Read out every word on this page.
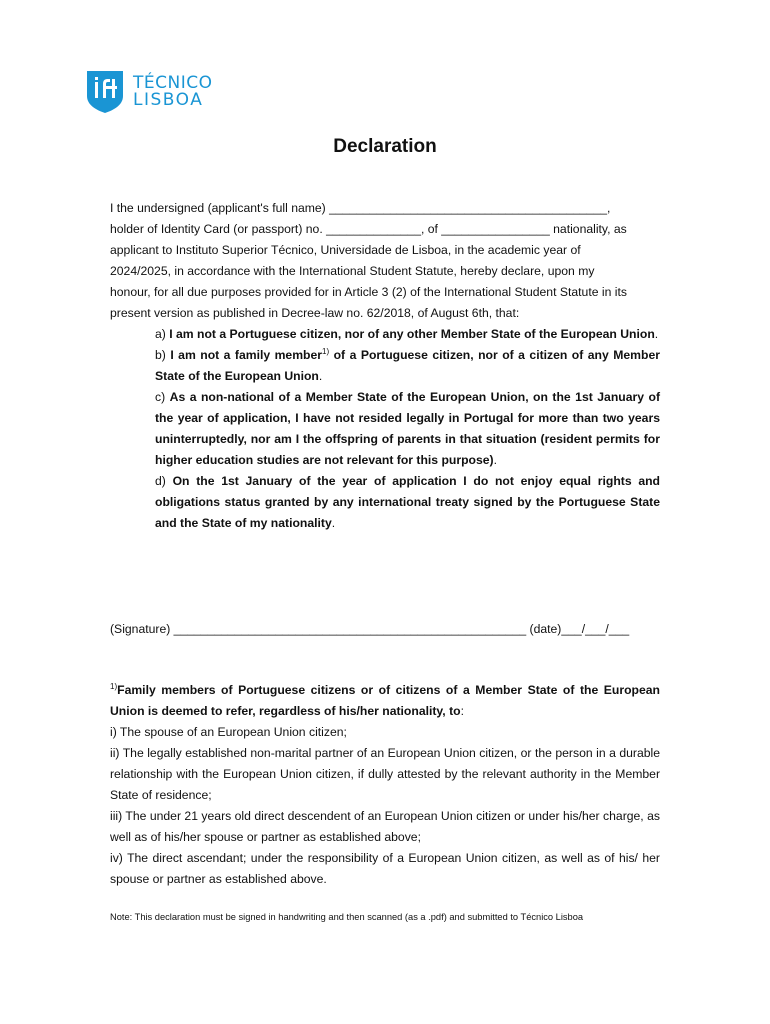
TÉCNICO
LISBOA
Declaration

I the undersigned (applicant's full name) _________________________________________,

holder of Identity Card (or passport) no. ______________, of ________________ nationality, as

applicant to Instituto Superior Técnico, Universidade de Lisboa, in the academic year of

2024/2025, in accordance with the International Student Statute, hereby declare, upon my

honour, for all due purposes provided for in Article 3 (2) of the International Student Statute in its

present version as published in Decree-law no. 62/2018, of August 6th, that:

a) I am not a Portuguese citizen, nor of any other Member State of the European Union.

b) I am not a family member$^{1)}$ of a Portuguese citizen, nor of a citizen of any Member State of the European Union.

c) As a non-national of a Member State of the European Union, on the 1st January of the year of application, I have not resided legally in Portugal for more than two years uninterruptedly, nor am I the offspring of parents in that situation (resident permits for higher education studies are not relevant for this purpose).

d) On the 1st January of the year of application I do not enjoy equal rights and obligations status granted by any international treaty signed by the Portuguese State and the State of my nationality.

(Signature) ____________________________________________________ (date)___/___/___

$^{1)}$Family members of Portuguese citizens or of citizens of a Member State of the European Union is deemed to refer, regardless of his/her nationality, to:

i) The spouse of an European Union citizen;

ii) The legally established non-marital partner of an European Union citizen, or the person in a durable relationship with the European Union citizen, if dully attested by the relevant authority in the Member State of residence;

iii) The under 21 years old direct descendent of an European Union citizen or under his/her charge, as well as of his/her spouse or partner as established above;

iv) The direct ascendant; under the responsibility of a European Union citizen, as well as of his/ her spouse or partner as established above.

Note: This declaration must be signed in handwriting and then scanned (as a .pdf) and submitted to Técnico Lisboa
